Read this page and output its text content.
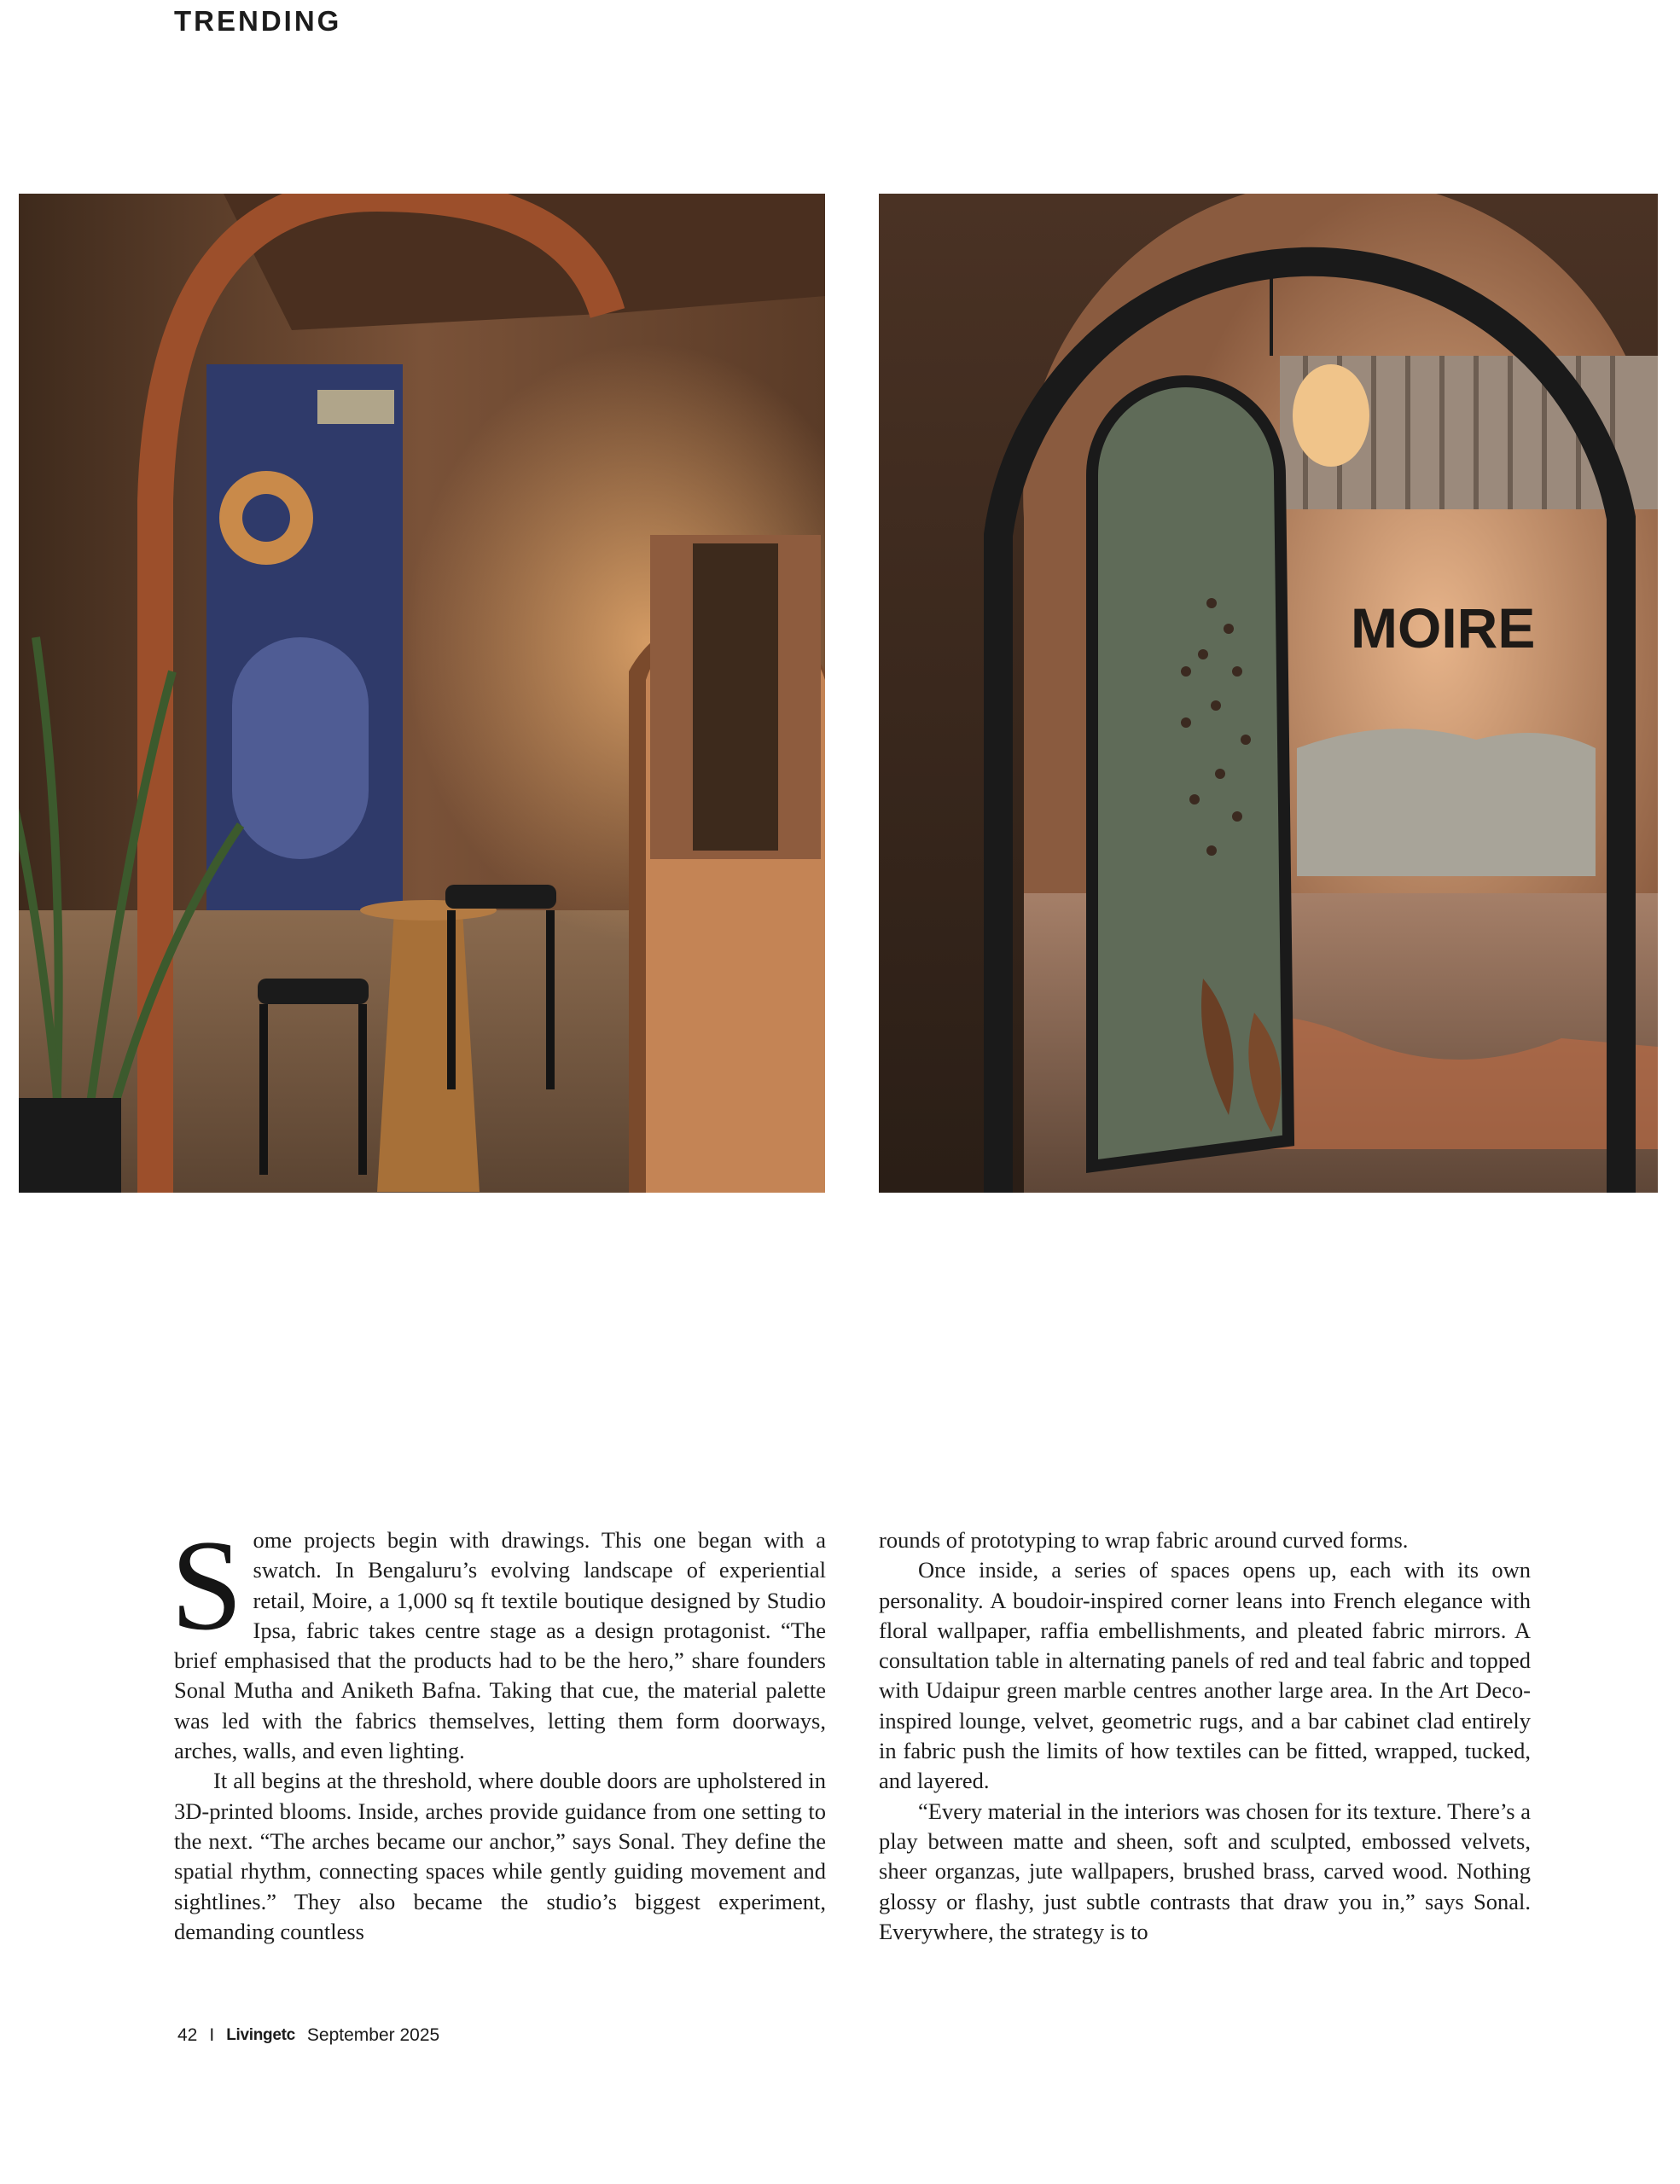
TRENDING
MOIRE

Some projects begin with drawings. This one began with a swatch. In Bengaluru’s evolving landscape of experiential retail, Moire, a 1,000 sq ft textile boutique designed by Studio Ipsa, fabric takes centre stage as a design protagonist. “The brief emphasised that the products had to be the hero,” share founders Sonal Mutha and Aniketh Bafna. Taking that cue, the material palette was led with the fabrics themselves, letting them form doorways, arches, walls, and even lighting.

It all begins at the threshold, where double doors are upholstered in 3D-printed blooms. Inside, arches provide guidance from one setting to the next. “The arches became our anchor,” says Sonal. They define the spatial rhythm, connecting spaces while gently guiding movement and sightlines.” They also became the studio’s biggest experiment, demanding countless

rounds of prototyping to wrap fabric around curved forms.

Once inside, a series of spaces opens up, each with its own personality. A boudoir-inspired corner leans into French elegance with floral wallpaper, raffia embellishments, and pleated fabric mirrors. A consultation table in alternating panels of red and teal fabric and topped with Udaipur green marble centres another large area. In the Art Deco-inspired lounge, velvet, geometric rugs, and a bar cabinet clad entirely in fabric push the limits of how textiles can be fitted, wrapped, tucked, and layered.

“Every material in the interiors was chosen for its texture. There’s a play between matte and sheen, soft and sculpted, embossed velvets, sheer organzas, jute wallpapers, brushed brass, carved wood. Nothing glossy or flashy, just subtle contrasts that draw you in,” says Sonal. Everywhere, the strategy is to

42 I Livingetc September 2025
